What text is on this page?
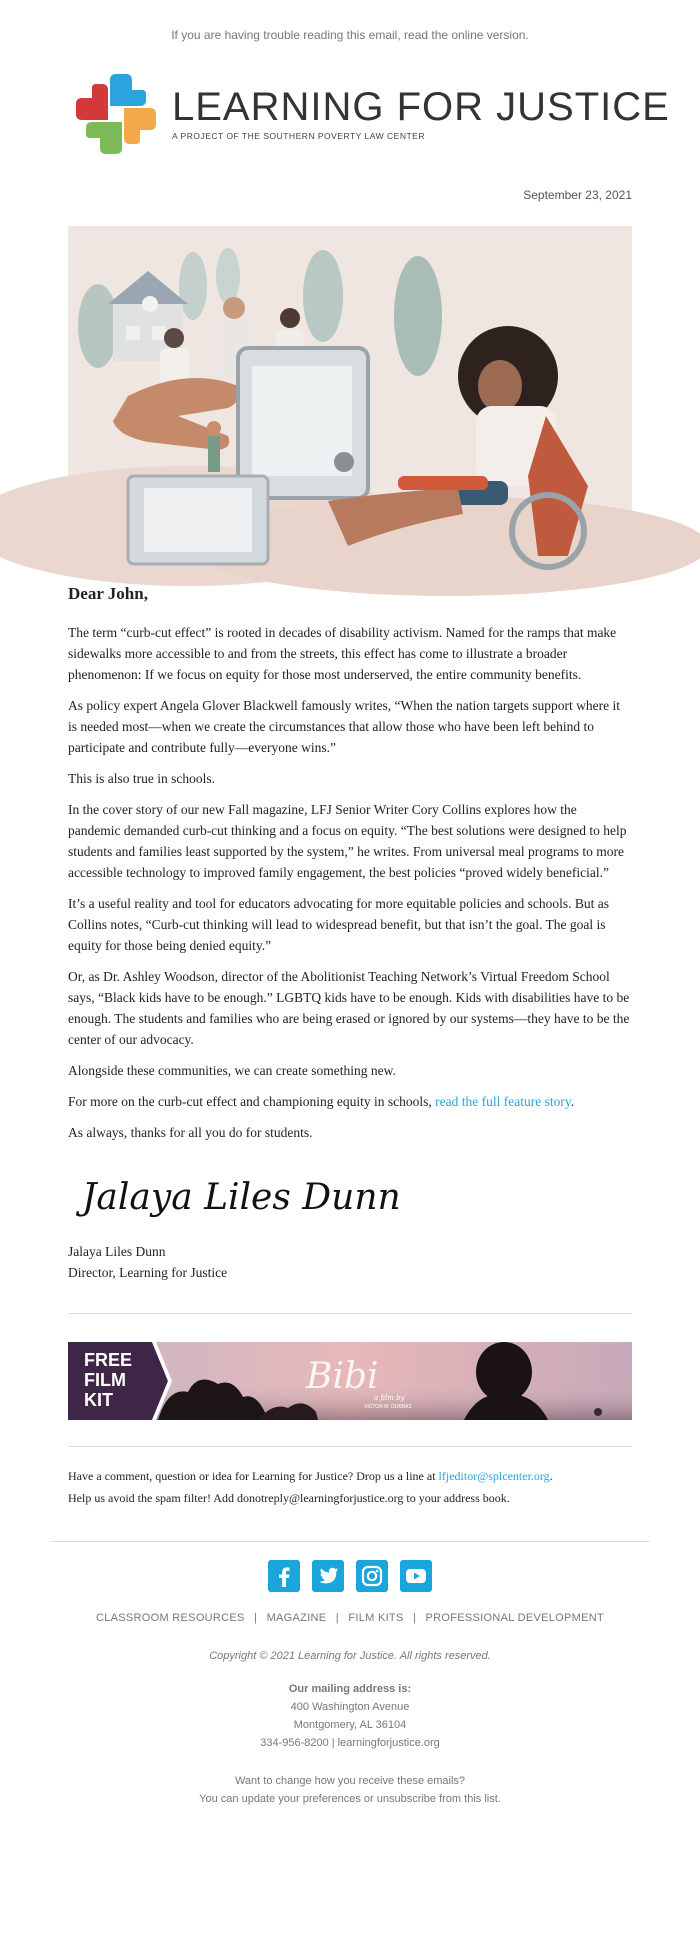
If you are having trouble reading this email, read the online version.
LEARNING FOR JUSTICE
A PROJECT OF THE SOUTHERN POVERTY LAW CENTER
September 23, 2021
Dear John,

The term “curb-cut effect” is rooted in decades of disability activism. Named for the ramps that make sidewalks more accessible to and from the streets, this effect has come to illustrate a broader phenomenon: If we focus on equity for those most underserved, the entire community benefits.

As policy expert Angela Glover Blackwell famously writes, “When the nation targets support where it is needed most—when we create the circumstances that allow those who have been left behind to participate and contribute fully—everyone wins.”

This is also true in schools.

In the cover story of our new Fall magazine, LFJ Senior Writer Cory Collins explores how the pandemic demanded curb-cut thinking and a focus on equity. “The best solutions were designed to help students and families least supported by the system,” he writes. From universal meal programs to more accessible technology to improved family engagement, the best policies “proved widely beneficial.”

It’s a useful reality and tool for educators advocating for more equitable policies and schools. But as Collins notes, “Curb-cut thinking will lead to widespread benefit, but that isn’t the goal. The goal is equity for those being denied equity.”

Or, as Dr. Ashley Woodson, director of the Abolitionist Teaching Network’s Virtual Freedom School says, “Black kids have to be enough.” LGBTQ kids have to be enough. Kids with disabilities have to be enough. The students and families who are being erased or ignored by our systems—they have to be the center of our advocacy.

Alongside these communities, we can create something new.

For more on the curb-cut effect and championing equity in schools, read the full feature story.

As always, thanks for all you do for students.

Jalaya Liles Dunn
Jalaya Liles Dunn
Director, Learning for Justice
FREE
FILM
KIT
Bibi
a film by
VICTOR M. DUBBAS
Have a comment, question or idea for Learning for Justice? Drop us a line at lfjeditor@splcenter.org.
Help us avoid the spam filter! Add donotreply@learningforjustice.org to your address book.
CLASSROOM RESOURCES | MAGAZINE | FILM KITS | PROFESSIONAL DEVELOPMENT
Copyright © 2021 Learning for Justice. All rights reserved.
Our mailing address is:
400 Washington Avenue
Montgomery, AL 36104
334-956-8200 | learningforjustice.org
Want to change how you receive these emails?
You can update your preferences or unsubscribe from this list.
